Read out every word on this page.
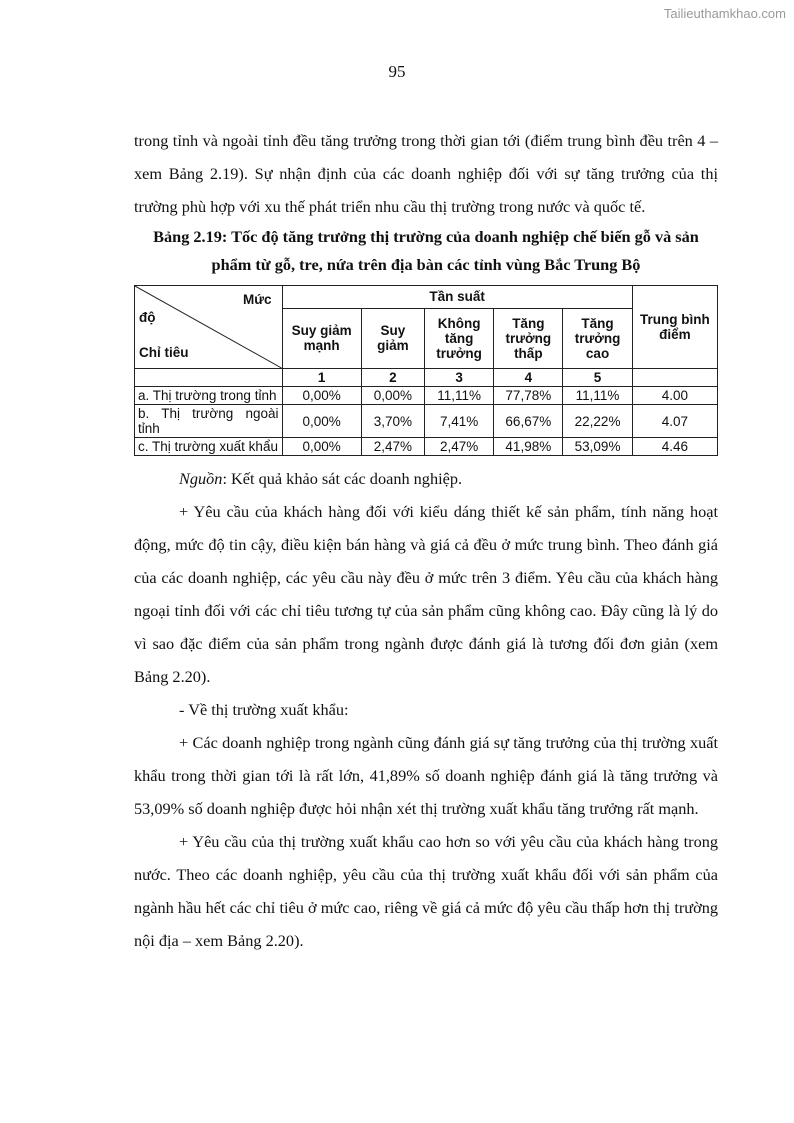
Tailieuthamkhao.com
95

trong tỉnh và ngoài tỉnh đều tăng trưởng trong thời gian tới (điểm trung bình đều trên 4 – xem Bảng 2.19). Sự nhận định của các doanh nghiệp đối với sự tăng trưởng của thị trường phù hợp với xu thế phát triển nhu cầu thị trường trong nước và quốc tế.

Bảng 2.19: Tốc độ tăng trưởng thị trường của doanh nghiệp chế biến gỗ và sản
phẩm từ gỗ, tre, nứa trên địa bàn các tỉnh vùng Bắc Trung Bộ

Mức
độ
Chỉ tiêu	Tần suất					Trung bình điểm
	Suy giảm mạnh	Suy giảm	Không tăng trưởng	Tăng trưởng thấp	Tăng trưởng cao	
	1	2	3	4	5	
a. Thị trường trong tỉnh	0,00%	0,00%	11,11%	77,78%	11,11%	4.00
b. Thị trường ngoài tỉnh	0,00%	3,70%	7,41%	66,67%	22,22%	4.07
c. Thị trường xuất khẩu	0,00%	2,47%	2,47%	41,98%	53,09%	4.46

Nguồn: Kết quả khảo sát các doanh nghiệp.

+ Yêu cầu của khách hàng đối với kiểu dáng thiết kế sản phẩm, tính năng hoạt động, mức độ tin cậy, điều kiện bán hàng và giá cả đều ở mức trung bình. Theo đánh giá của các doanh nghiệp, các yêu cầu này đều ở mức trên 3 điểm. Yêu cầu của khách hàng ngoại tỉnh đối với các chỉ tiêu tương tự của sản phẩm cũng không cao. Đây cũng là lý do vì sao đặc điểm của sản phẩm trong ngành được đánh giá là tương đối đơn giản (xem Bảng 2.20).

- Về thị trường xuất khẩu:

+ Các doanh nghiệp trong ngành cũng đánh giá sự tăng trưởng của thị trường xuất khẩu trong thời gian tới là rất lớn, 41,89% số doanh nghiệp đánh giá là tăng trưởng và 53,09% số doanh nghiệp được hỏi nhận xét thị trường xuất khẩu tăng trưởng rất mạnh.

+ Yêu cầu của thị trường xuất khẩu cao hơn so với yêu cầu của khách hàng trong nước. Theo các doanh nghiệp, yêu cầu của thị trường xuất khẩu đối với sản phẩm của ngành hầu hết các chỉ tiêu ở mức cao, riêng về giá cả mức độ yêu cầu thấp hơn thị trường nội địa – xem Bảng 2.20).
